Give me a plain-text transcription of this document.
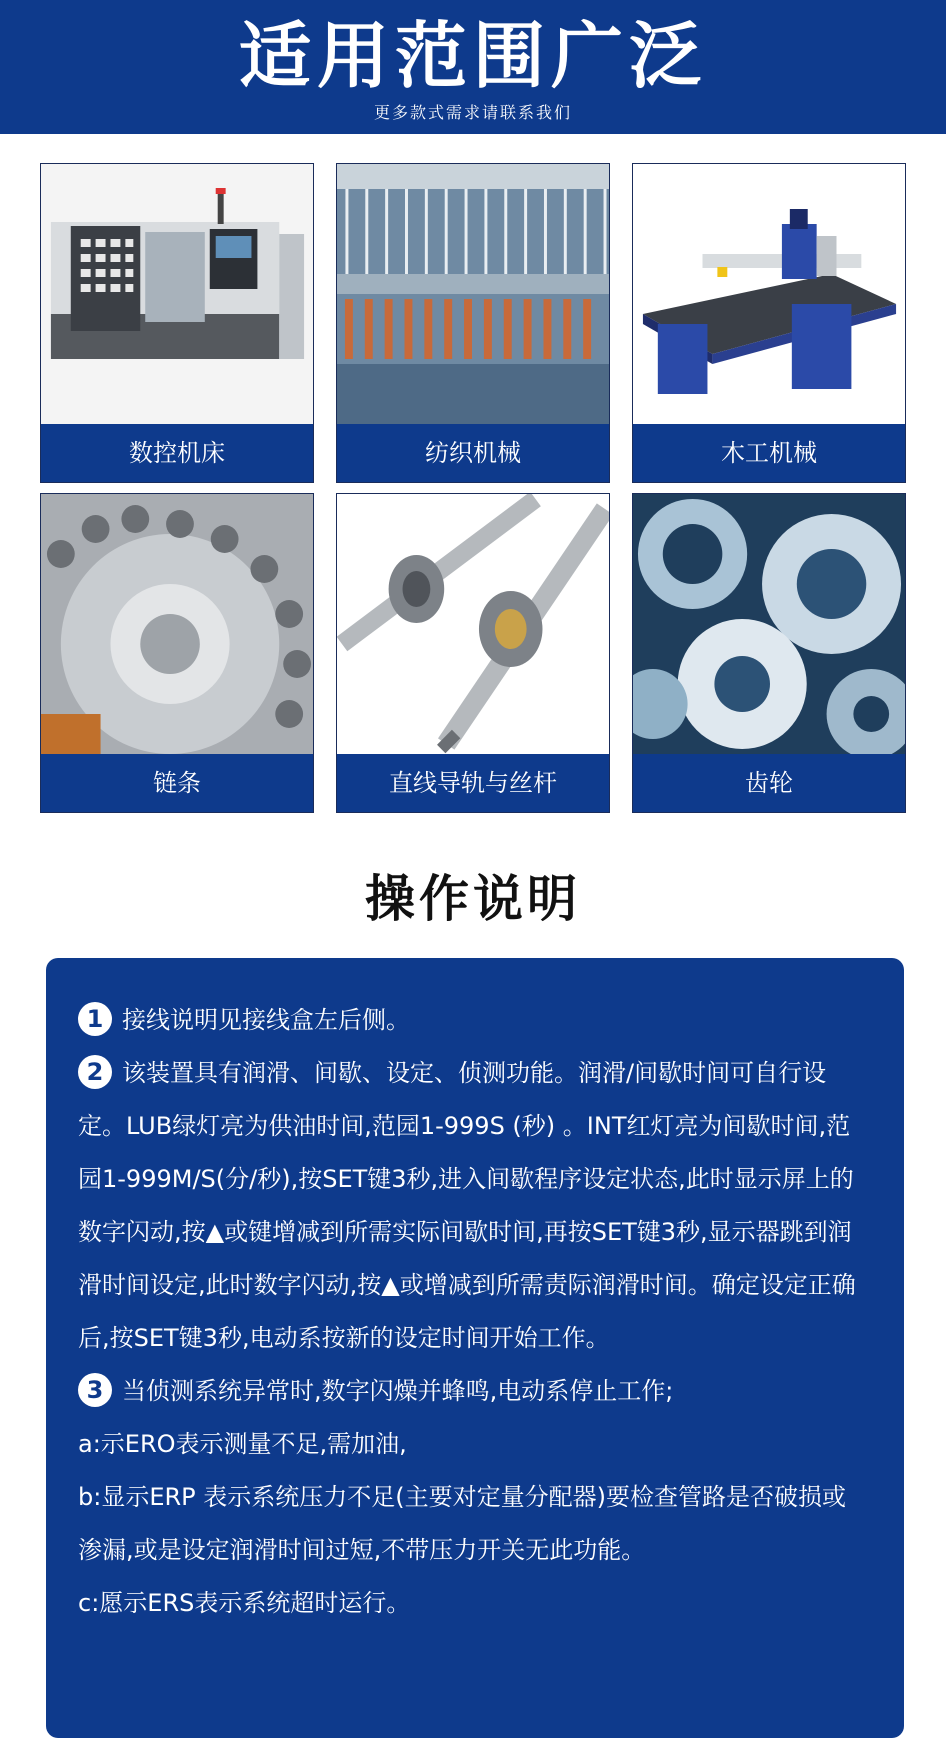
适用范围广泛
更多款式需求请联系我们
数控机床	纺织机械	木工机械
链条	直线导轨与丝杆	齿轮
操作说明

1 接线说明见接线盒左后侧。

2 该装置具有润滑、间歇、设定、侦测功能。润滑/间歇时间可自行设定。LUB绿灯亮为供油时间,范园1-999S (秒) 。INT红灯亮为间歇时间,范园1-999M/S(分/秒),按SET键3秒,进入间歇程序设定状态,此时显示屏上的数字闪动,按▲或键增减到所需实际间歇时间,再按SET键3秒,显示器跳到润滑时间设定,此时数字闪动,按▲或增减到所需责际润滑时间。确定设定正确后,按SET键3秒,电动系按新的设定时间开始工作。

3 当侦测系统异常时,数字闪燥并蜂鸣,电动系停止工作;

a:示ERO表示测量不足,需加油,

b:显示ERP 表示系统压力不足(主要对定量分配器)要检查管路是否破损或渗漏,或是设定润滑时间过短,不带压力开关无此功能。

c:愿示ERS表示系统超时运行。
